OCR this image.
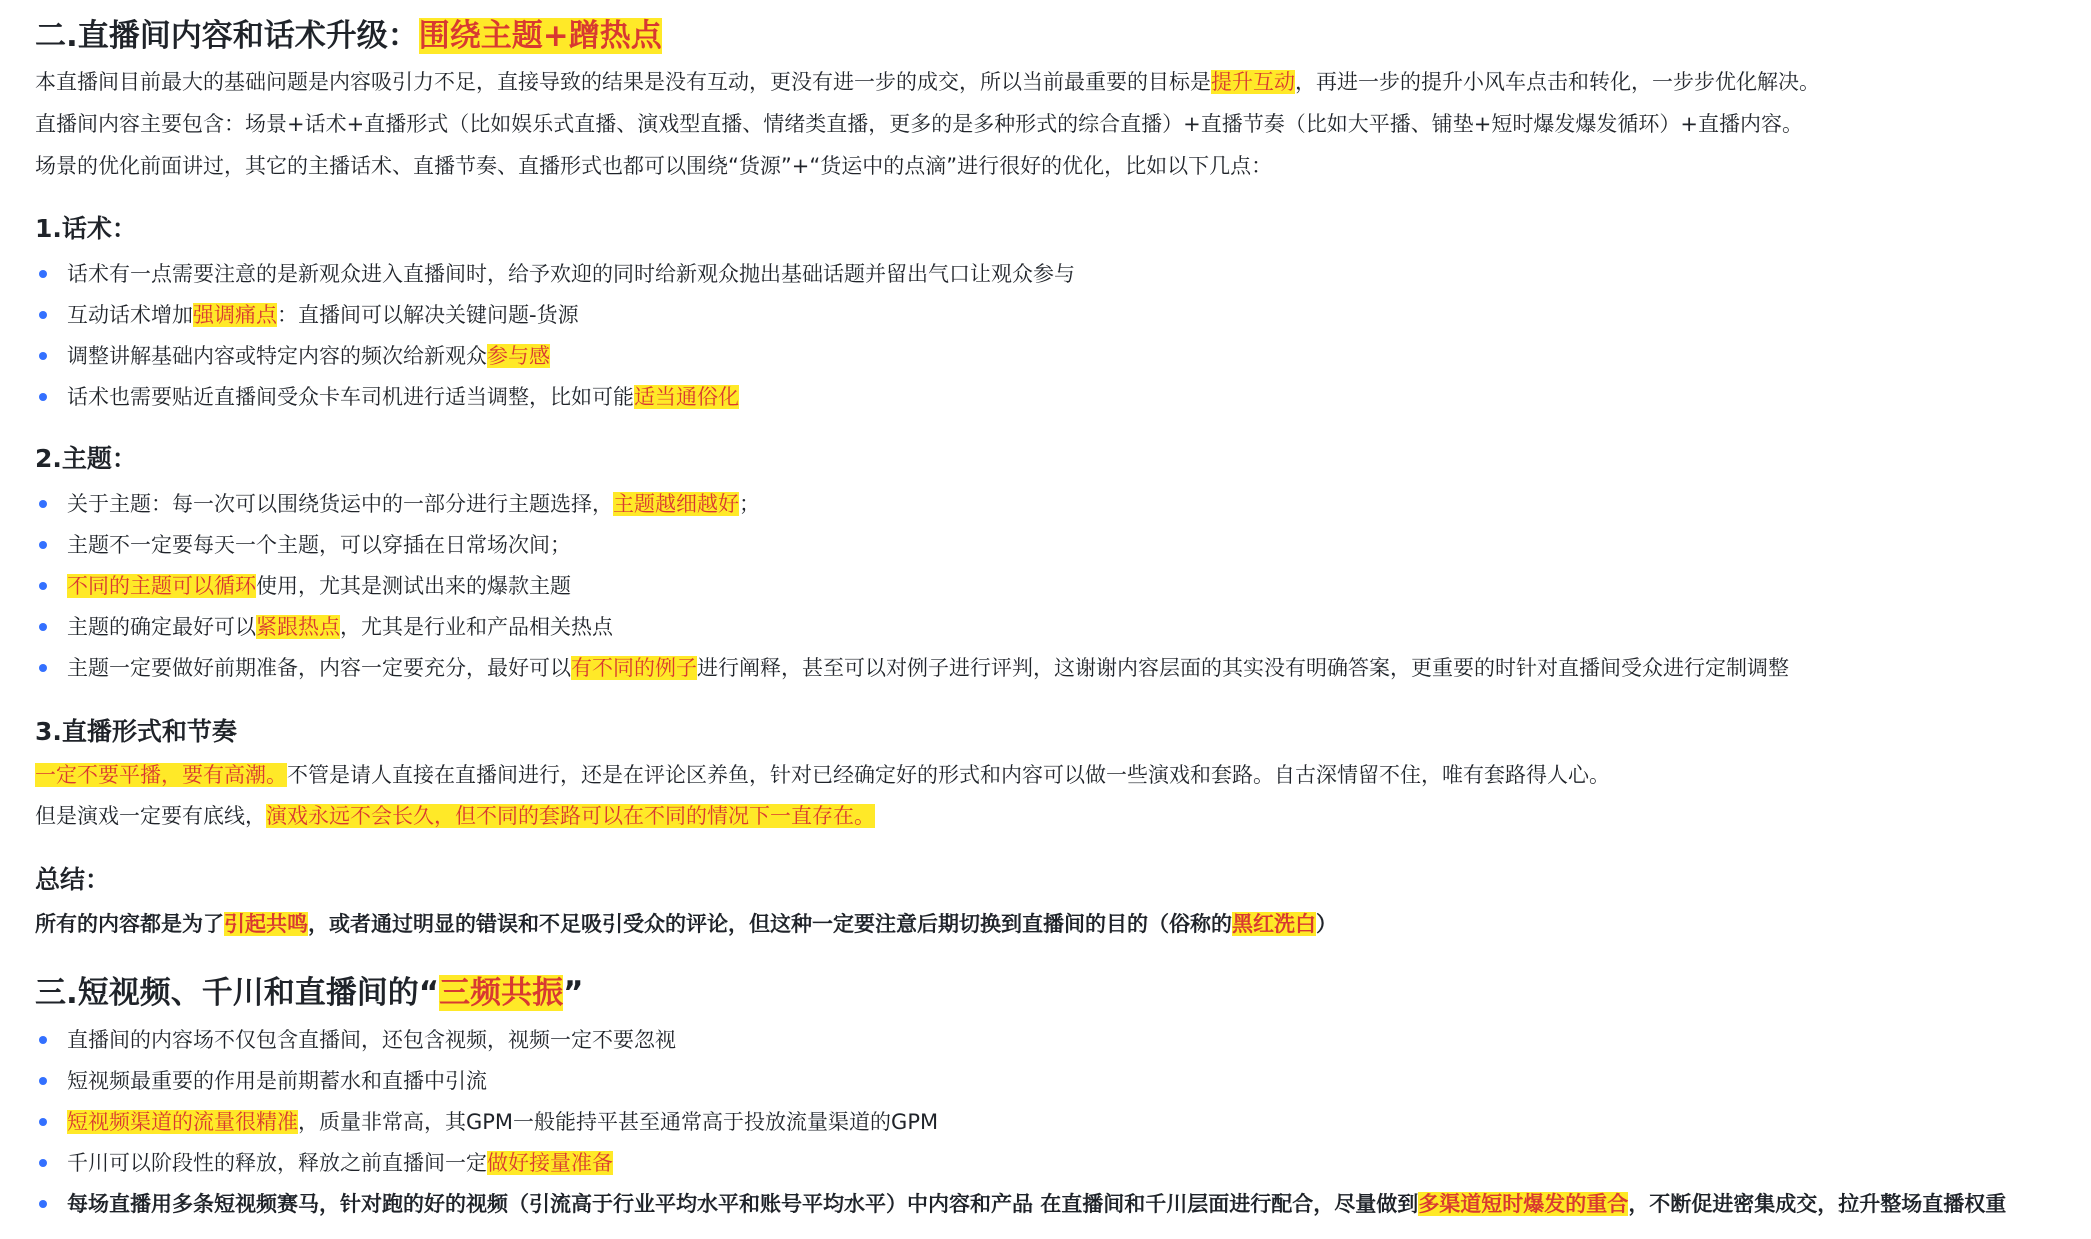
二.直播间内容和话术升级：围绕主题+蹭热点
本直播间目前最大的基础问题是内容吸引力不足，直接导致的结果是没有互动，更没有进一步的成交，所以当前最重要的目标是提升互动，再进一步的提升小风车点击和转化，一步步优化解决。
直播间内容主要包含：场景+话术+直播形式（比如娱乐式直播、演戏型直播、情绪类直播，更多的是多种形式的综合直播）+直播节奏（比如大平播、铺垫+短时爆发爆发循环）+直播内容。
场景的优化前面讲过，其它的主播话术、直播节奏、直播形式也都可以围绕“货源”+“货运中的点滴”进行很好的优化，比如以下几点：
1.话术：
话术有一点需要注意的是新观众进入直播间时，给予欢迎的同时给新观众抛出基础话题并留出气口让观众参与
互动话术增加强调痛点：直播间可以解决关键问题-货源
调整讲解基础内容或特定内容的频次给新观众参与感
话术也需要贴近直播间受众卡车司机进行适当调整，比如可能适当通俗化
2.主题：
关于主题：每一次可以围绕货运中的一部分进行主题选择，主题越细越好；
主题不一定要每天一个主题，可以穿插在日常场次间；
不同的主题可以循环使用，尤其是测试出来的爆款主题
主题的确定最好可以紧跟热点，尤其是行业和产品相关热点
主题一定要做好前期准备，内容一定要充分，最好可以有不同的例子进行阐释，甚至可以对例子进行评判，这谢谢内容层面的其实没有明确答案，更重要的时针对直播间受众进行定制调整
3.直播形式和节奏
一定不要平播，要有高潮。不管是请人直接在直播间进行，还是在评论区养鱼，针对已经确定好的形式和内容可以做一些演戏和套路。自古深情留不住，唯有套路得人心。
但是演戏一定要有底线，演戏永远不会长久，但不同的套路可以在不同的情况下一直存在。
总结：
所有的内容都是为了引起共鸣，或者通过明显的错误和不足吸引受众的评论，但这种一定要注意后期切换到直播间的目的（俗称的黑红洗白）
三.短视频、千川和直播间的“三频共振”
直播间的内容场不仅包含直播间，还包含视频，视频一定不要忽视
短视频最重要的作用是前期蓄水和直播中引流
短视频渠道的流量很精准，质量非常高，其GPM一般能持平甚至通常高于投放流量渠道的GPM
千川可以阶段性的释放，释放之前直播间一定做好接量准备
每场直播用多条短视频赛马，针对跑的好的视频（引流高于行业平均水平和账号平均水平）中内容和产品 在直播间和千川层面进行配合，尽量做到多渠道短时爆发的重合，不断促进密集成交，拉升整场直播权重
